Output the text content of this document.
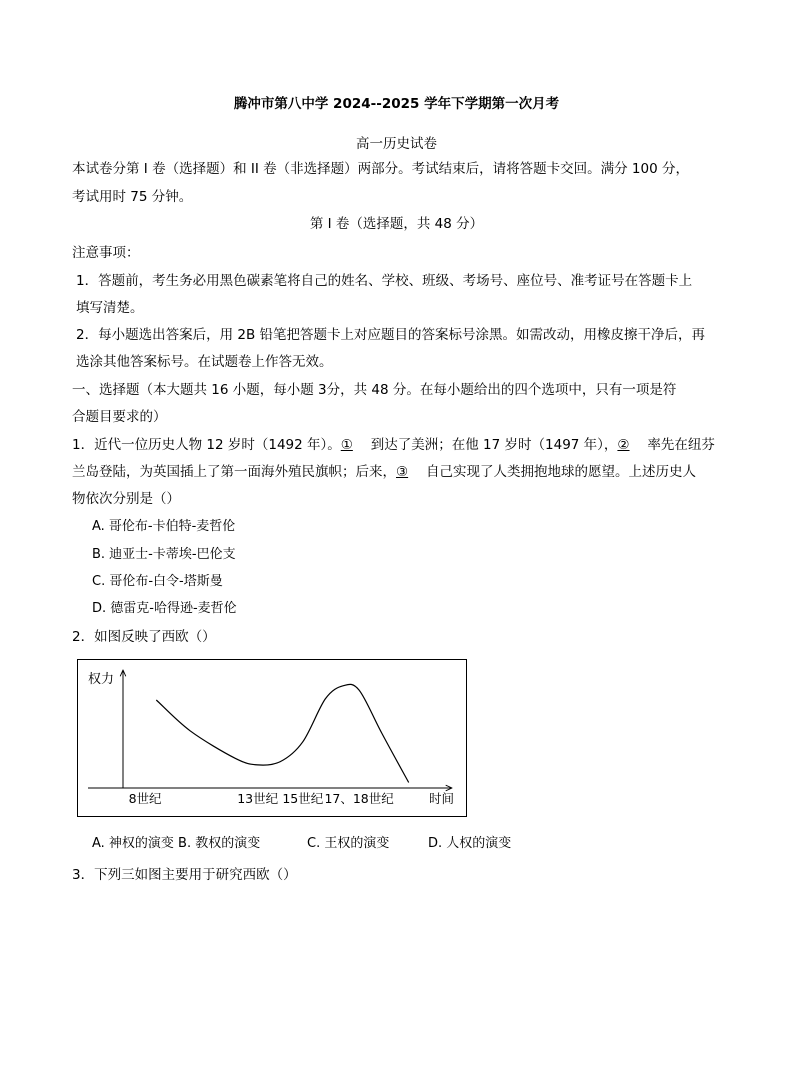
腾冲市第八中学 2024--2025 学年下学期第一次月考
高一历史试卷
本试卷分第 I 卷（选择题）和 II 卷（非选择题）两部分。考试结束后，请将答题卡交回。满分 100 分，
考试用时 75 分钟。
第 I 卷（选择题，共 48 分）
注意事项：
1．答题前，考生务必用黑色碳素笔将自己的姓名、学校、班级、考场号、座位号、准考证号在答题卡上
填写清楚。
2．每小题选出答案后，用 2B 铅笔把答题卡上对应题目的答案标号涂黑。如需改动，用橡皮擦干净后，再
选涂其他答案标号。在试题卷上作答无效。
一、选择题（本大题共 16 小题，每小题 3分，共 48 分。在每小题给出的四个选项中，只有一项是符
合题目要求的）
1．近代一位历史人物 12 岁时（1492 年）。① 到达了美洲；在他 17 岁时（1497 年），② 率先在纽芬
兰岛登陆，为英国插上了第一面海外殖民旗帜；后来，③ 自己实现了人类拥抱地球的愿望。上述历史人
物依次分别是（）
A. 哥伦布-卡伯特-麦哲伦
B. 迪亚士-卡蒂埃-巴伦支
C. 哥伦布-白令-塔斯曼
D. 德雷克-哈得逊-麦哲伦
2．如图反映了西欧（）
权力
时间
8世纪	13世纪 15世纪 17、18世纪
A. 神权的演变 B. 教权的演变	C. 王权的演变	D. 人权的演变
3．下列三如图主要用于研究西欧（）
